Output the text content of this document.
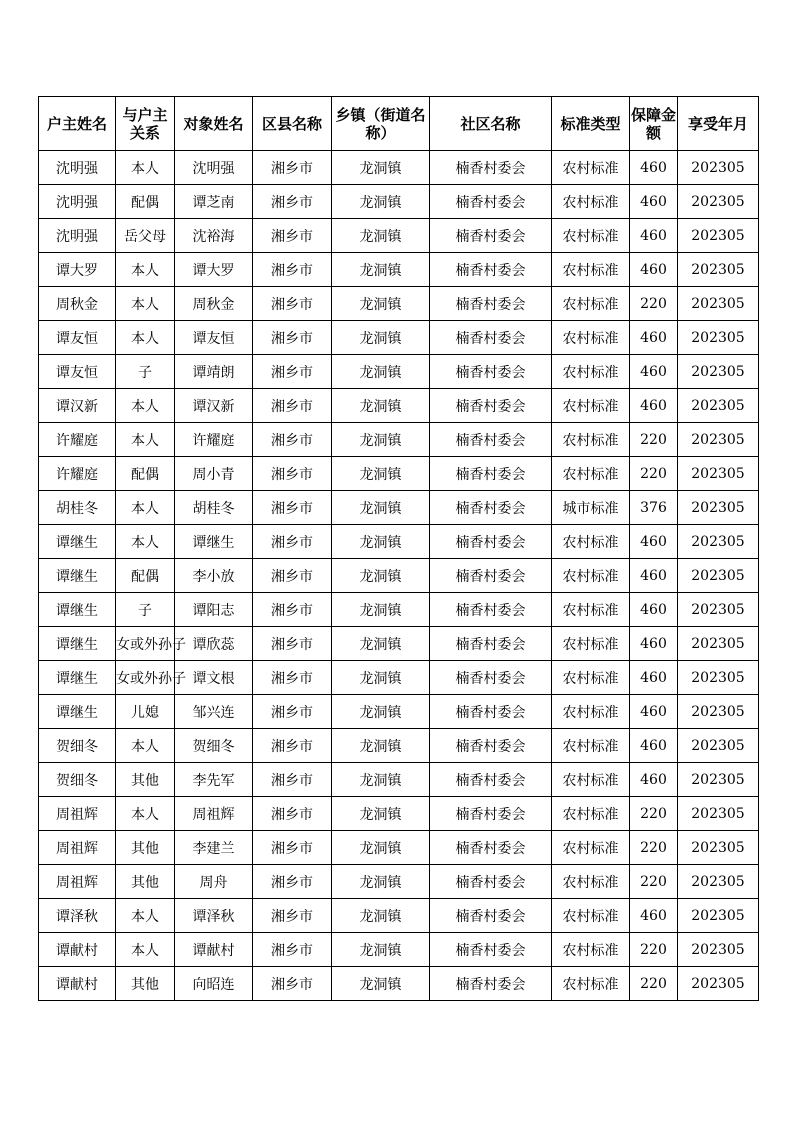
户主姓名	与户主关系	对象姓名	区县名称	乡镇（街道名称）	社区名称	标准类型	保障金额	享受年月

沈明强	本人	沈明强	湘乡市	龙洞镇	楠香村委会	农村标准	460	202305

沈明强	配偶	谭芝南	湘乡市	龙洞镇	楠香村委会	农村标准	460	202305

沈明强	岳父母	沈裕海	湘乡市	龙洞镇	楠香村委会	农村标准	460	202305

谭大罗	本人	谭大罗	湘乡市	龙洞镇	楠香村委会	农村标准	460	202305

周秋金	本人	周秋金	湘乡市	龙洞镇	楠香村委会	农村标准	220	202305

谭友恒	本人	谭友恒	湘乡市	龙洞镇	楠香村委会	农村标准	460	202305

谭友恒	子	谭靖朗	湘乡市	龙洞镇	楠香村委会	农村标准	460	202305

谭汉新	本人	谭汉新	湘乡市	龙洞镇	楠香村委会	农村标准	460	202305

许耀庭	本人	许耀庭	湘乡市	龙洞镇	楠香村委会	农村标准	220	202305

许耀庭	配偶	周小青	湘乡市	龙洞镇	楠香村委会	农村标准	220	202305

胡桂冬	本人	胡桂冬	湘乡市	龙洞镇	楠香村委会	城市标准	376	202305

谭继生	本人	谭继生	湘乡市	龙洞镇	楠香村委会	农村标准	460	202305

谭继生	配偶	李小放	湘乡市	龙洞镇	楠香村委会	农村标准	460	202305

谭继生	子	谭阳志	湘乡市	龙洞镇	楠香村委会	农村标准	460	202305

谭继生	女或外孙子	谭欣蕊	湘乡市	龙洞镇	楠香村委会	农村标准	460	202305

谭继生	女或外孙子	谭文根	湘乡市	龙洞镇	楠香村委会	农村标准	460	202305

谭继生	儿媳	邹兴连	湘乡市	龙洞镇	楠香村委会	农村标准	460	202305

贺细冬	本人	贺细冬	湘乡市	龙洞镇	楠香村委会	农村标准	460	202305

贺细冬	其他	李先军	湘乡市	龙洞镇	楠香村委会	农村标准	460	202305

周祖辉	本人	周祖辉	湘乡市	龙洞镇	楠香村委会	农村标准	220	202305

周祖辉	其他	李建兰	湘乡市	龙洞镇	楠香村委会	农村标准	220	202305

周祖辉	其他	周舟	湘乡市	龙洞镇	楠香村委会	农村标准	220	202305

谭泽秋	本人	谭泽秋	湘乡市	龙洞镇	楠香村委会	农村标准	460	202305

谭献村	本人	谭献村	湘乡市	龙洞镇	楠香村委会	农村标准	220	202305

谭献村	其他	向昭连	湘乡市	龙洞镇	楠香村委会	农村标准	220	202305
